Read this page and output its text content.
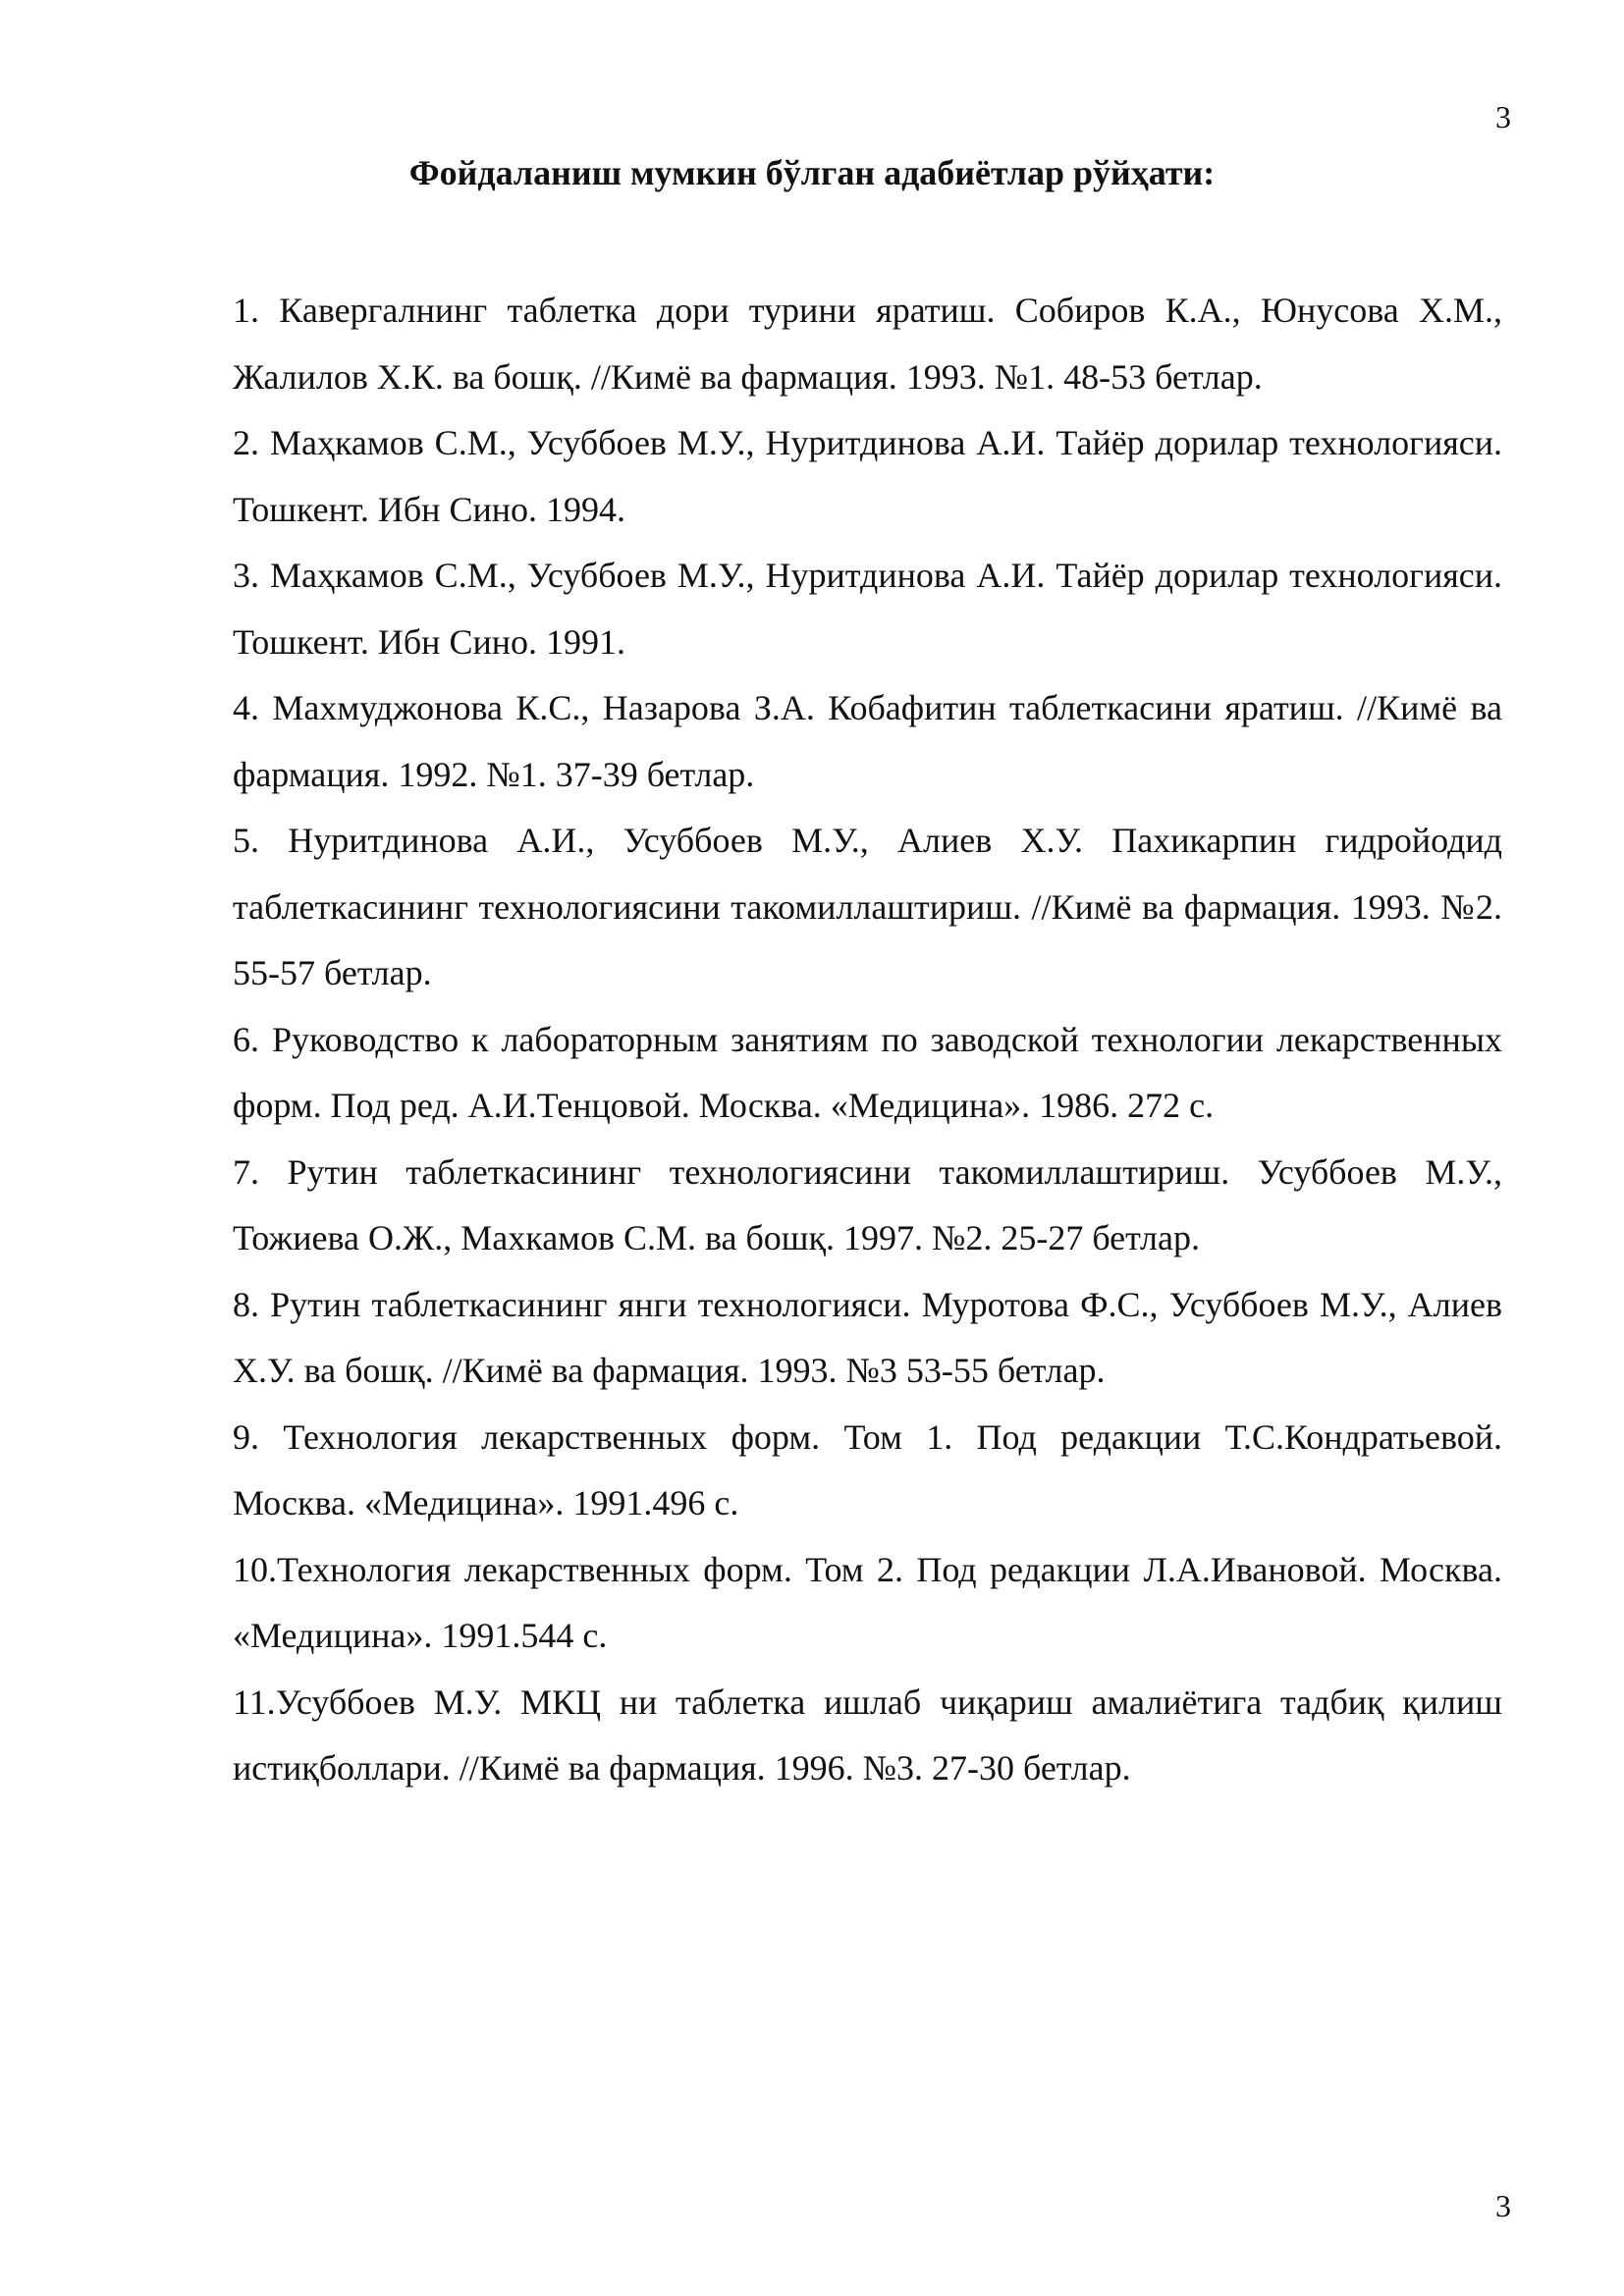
3
Фойдаланиш мумкин бўлган адабиётлар рўйҳати:
1. Кавергалнинг таблетка дори турини яратиш. Собиров К.А., Юнусова Х.М., Жалилов Х.К. ва бошқ. //Кимё ва фармация. 1993. №1. 48-53 бетлар.
2. Маҳкамов С.М., Усуббоев М.У., Нуритдинова А.И. Тайёр дорилар технологияси. Тошкент. Ибн Сино. 1994.
3. Маҳкамов С.М., Усуббоев М.У., Нуритдинова А.И. Тайёр дорилар технологияси. Тошкент. Ибн Сино. 1991.
4. Махмуджонова К.С., Назарова З.А. Кобафитин таблеткасини яратиш. //Кимё ва фармация. 1992. №1. 37-39 бетлар.
5. Нуритдинова А.И., Усуббоев М.У., Алиев Х.У. Пахикарпин гидройодид таблеткасининг технологиясини такомиллаштириш. //Кимё ва фармация. 1993. №2. 55-57 бетлар.
6. Руководство к лабораторным занятиям по заводской технологии лекарственных форм. Под ред. А.И.Тенцовой. Москва. «Медицина». 1986. 272 с.
7. Рутин таблеткасининг технологиясини такомиллаштириш. Усуббоев М.У., Тожиева О.Ж., Махкамов С.М. ва бошқ. 1997. №2. 25-27 бетлар.
8. Рутин таблеткасининг янги технологияси. Муротова Ф.С., Усуббоев М.У., Алиев Х.У. ва бошқ. //Кимё ва фармация. 1993. №3 53-55 бетлар.
9. Технология лекарственных форм. Том 1. Под редакции Т.С.Кондратьевой. Москва. «Медицина». 1991.496 с.
10.Технология лекарственных форм. Том 2. Под редакции Л.А.Ивановой. Москва. «Медицина». 1991.544 с.
11.Усуббоев М.У. МКЦ ни таблетка ишлаб чиқариш амалиётига тадбиқ қилиш истиқболлари. //Кимё ва фармация. 1996. №3. 27-30 бетлар.
3
